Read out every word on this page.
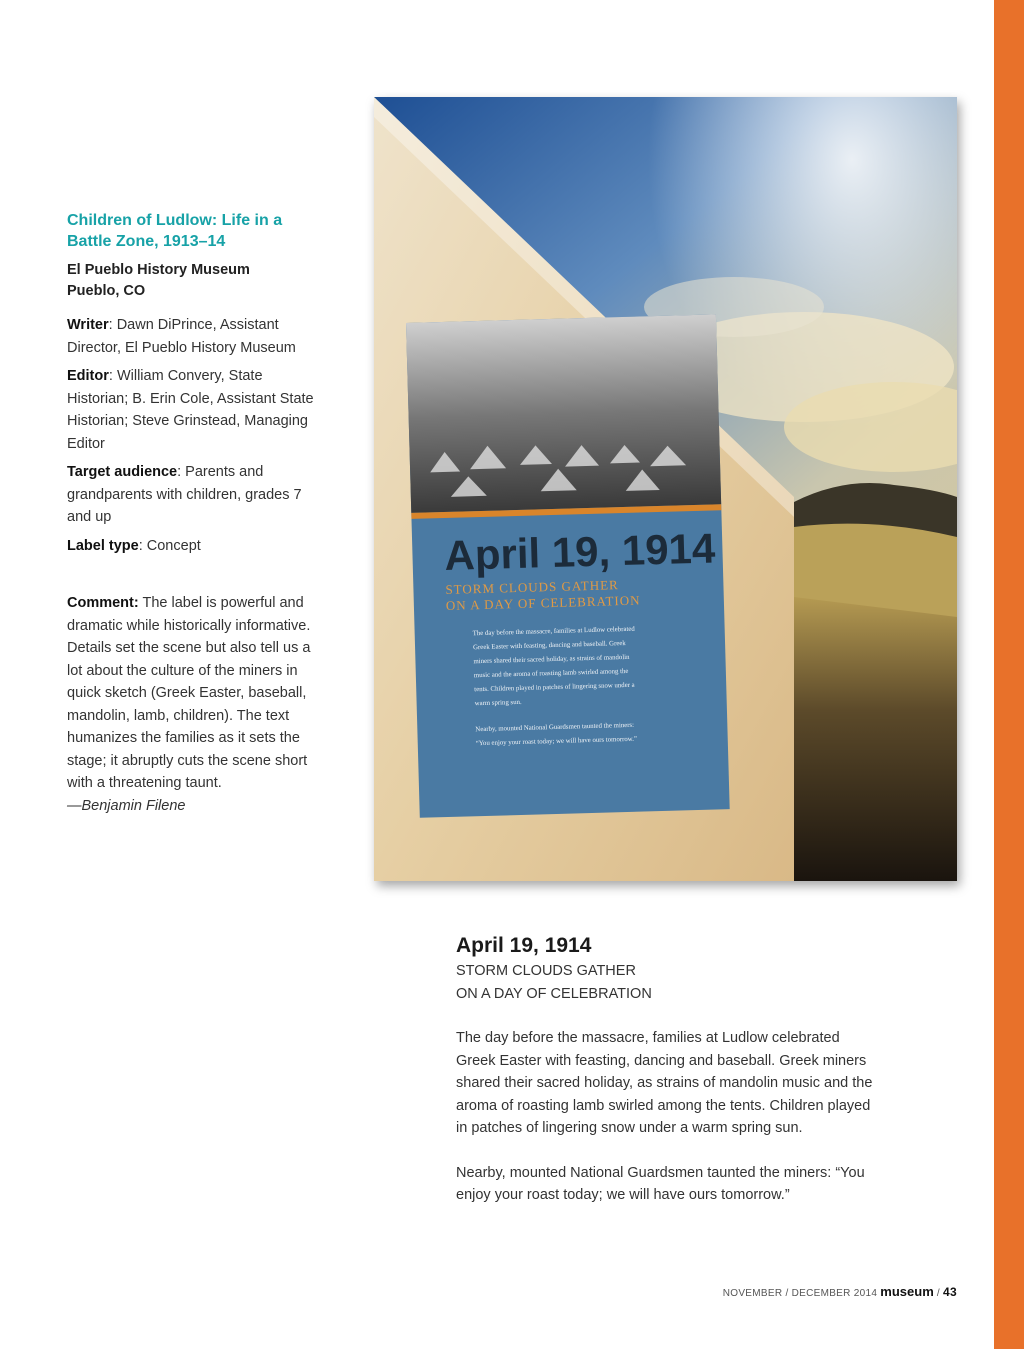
Children of Ludlow: Life in a Battle Zone, 1913–14

El Pueblo History Museum
Pueblo, CO

Writer: Dawn DiPrince, Assistant Director, El Pueblo History Museum

Editor: William Convery, State Historian; B. Erin Cole, Assistant State Historian; Steve Grinstead, Managing Editor

Target audience: Parents and grandparents with children, grades 7 and up

Label type: Concept

Comment: The label is powerful and dramatic while historically informative. Details set the scene but also tell us a lot about the culture of the miners in quick sketch (Greek Easter, baseball, mandolin, lamb, children). The text humanizes the families as it sets the stage; it abruptly cuts the scene short with a threatening taunt.
—Benjamin Filene
April 19, 1914
STORM CLOUDS GATHER
ON A DAY OF CELEBRATION
The day before the massacre, families at Ludlow celebrated
Greek Easter with feasting, dancing and baseball. Greek
miners shared their sacred holiday, as strains of mandolin
music and the aroma of roasting lamb swirled among the
tents. Children played in patches of lingering snow under a
warm spring sun.
Nearby, mounted National Guardsmen taunted the miners:
“You enjoy your roast today; we will have ours tomorrow.”

April 19, 1914

STORM CLOUDS GATHER
ON A DAY OF CELEBRATION

The day before the massacre, families at Ludlow celebrated Greek Easter with feasting, dancing and baseball. Greek miners shared their sacred holiday, as strains of mandolin music and the aroma of roasting lamb swirled among the tents. Children played in patches of lingering snow under a warm spring sun.

Nearby, mounted National Guardsmen taunted the miners: “You enjoy your roast today; we will have ours tomorrow.”

NOVEMBER / DECEMBER 2014 museum / 43
